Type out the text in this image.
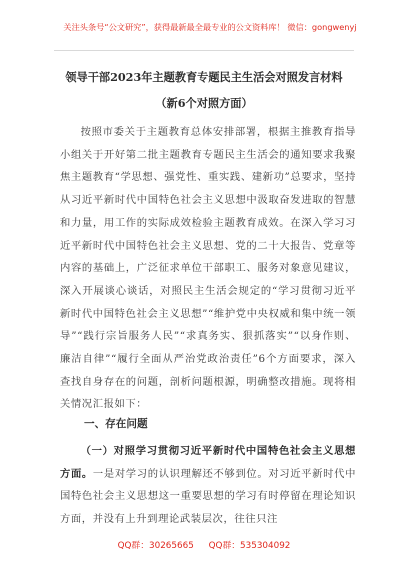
关注头条号“公文研究”，获得最新最全最专业的公文资料库！ 微信：gongwenyj
领导干部2023年主题教育专题民主生活会对照发言材料
（新6个对照方面）
按照市委关于主题教育总体安排部署，根据主推教育指导小组关于开好第二批主题教育专题民主生活会的通知要求我聚焦主题教育“学思想、强党性、重实践、建新功”总要求，坚持从习近平新时代中国特色社会主义思想中汲取奋发进取的智慧和力量，用工作的实际成效检验主题教育成效。在深入学习习近平新时代中国特色社会主义思想、党的二十大报告、党章等内容的基础上，广泛征求单位干部职工、服务对象意见建议，深入开展谈心谈话，对照民主生活会规定的“学习贯彻习近平新时代中国特色社会主义思想”“维护党中央权威和集中统一领导”“践行宗旨服务人民”“求真务实、狠抓落实”“以身作则、廉洁自律”“履行全面从严治党政治责任”6个方面要求，深入查找自身存在的问题，剖析问题根源，明确整改措施。现将相关情况汇报如下：
一、存在问题
（一）对照学习贯彻习近平新时代中国特色社会主义思想方面。一是对学习的认识理解还不够到位。对习近平新时代中国特色社会主义思想这一重要思想的学习有时停留在理论知识方面，并没有上升到理论武装层次，往往只注
QQ群：30265665 QQ群：535304092
